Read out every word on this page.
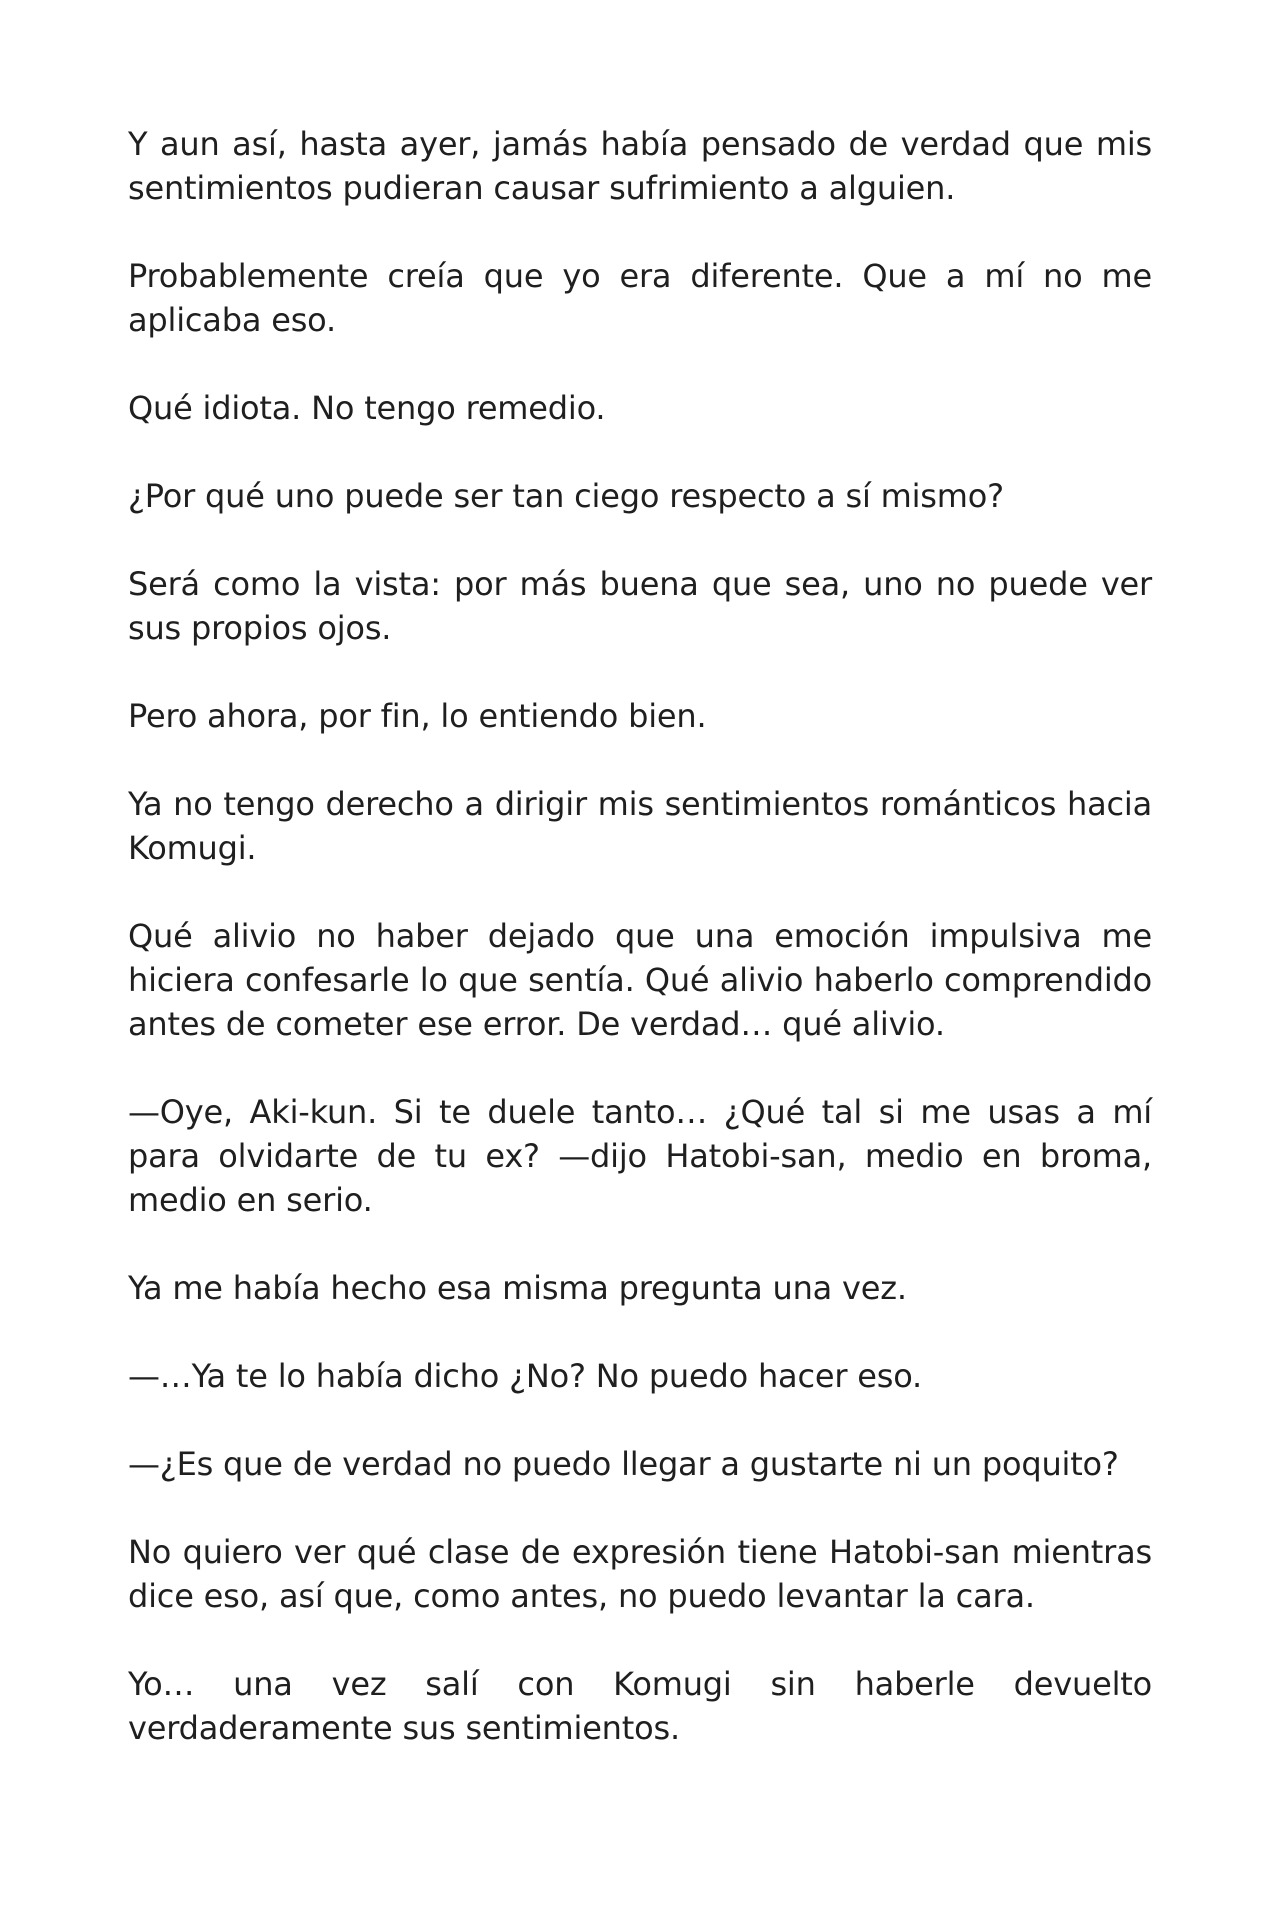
Y aun así, hasta ayer, jamás había pensado de verdad que mis sentimientos pudieran causar sufrimiento a alguien.

Probablemente creía que yo era diferente. Que a mí no me aplicaba eso.

Qué idiota. No tengo remedio.

¿Por qué uno puede ser tan ciego respecto a sí mismo?

Será como la vista: por más buena que sea, uno no puede ver sus propios ojos.

Pero ahora, por fin, lo entiendo bien.

Ya no tengo derecho a dirigir mis sentimientos románticos hacia Komugi.

Qué alivio no haber dejado que una emoción impulsiva me hiciera confesarle lo que sentía. Qué alivio haberlo comprendido antes de cometer ese error. De verdad… qué alivio.

—Oye, Aki-kun. Si te duele tanto… ¿Qué tal si me usas a mí para olvidarte de tu ex? —dijo Hatobi-san, medio en broma, medio en serio.

Ya me había hecho esa misma pregunta una vez.

—…Ya te lo había dicho ¿No? No puedo hacer eso.

—¿Es que de verdad no puedo llegar a gustarte ni un poquito?

No quiero ver qué clase de expresión tiene Hatobi-san mientras dice eso, así que, como antes, no puedo levantar la cara.

Yo… una vez salí con Komugi sin haberle devuelto verdaderamente sus sentimientos.
